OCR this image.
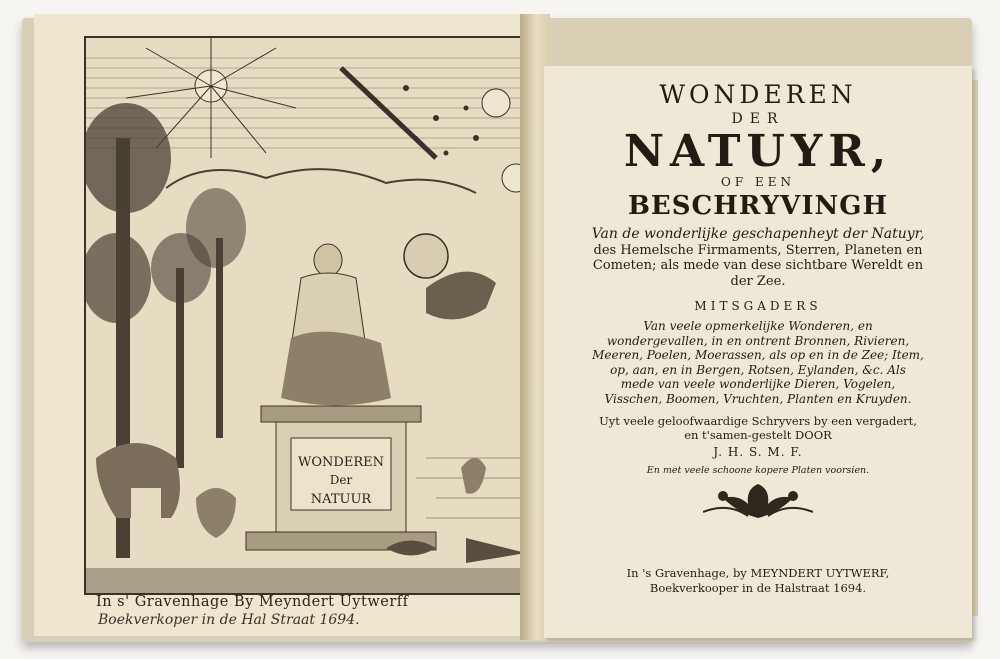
WONDEREN
Der
NATUUR
In s' Gravenhage By Meyndert Uytwerff
Boekverkoper in de Hal Straat 1694.
WONDEREN
DER
NATUYR,
OF EEN
BESCHRYVINGH
Van de wonderlijke geschapenheyt der Natuyr, des Hemelsche Firmaments, Sterren, Planeten en Cometen; als mede van dese sichtbare Wereldt en der Zee.
MITSGADERS
Van veele opmerkelijke Wonderen, en wondergevallen, in en ontrent Bronnen, Rivieren, Meeren, Poelen, Moerassen, als op en in de Zee; Item, op, aan, en in Bergen, Rotsen, Eylanden, &c. Als mede van veele wonderlijke Dieren, Vogelen, Visschen, Boomen, Vruchten, Planten en Kruyden.
Uyt veele geloofwaardige Schryvers by een vergadert,
en t'samen-gestelt DOOR
J. H. S. M. F.
En met veele schoone kopere Platen voorsien.
In 's Gravenhage, by MEYNDERT UYTWERF,
Boekverkooper in de Halstraat 1694.
